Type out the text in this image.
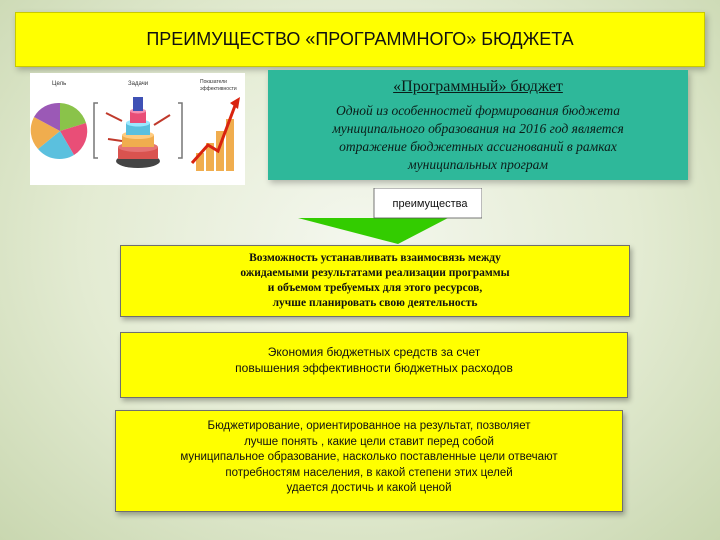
ПРЕИМУЩЕСТВО «ПРОГРАММНОГО» БЮДЖЕТА
Цель	Задачи	Показатели эффективности	«Программный» бюджет
Одной из особенностей формирования бюджета
муниципального образования на 2016 год является
отражение бюджетных ассигнований в рамках
муниципальных програм
преимущества
Возможность устанавливать взаимосвязь между
ожидаемыми результатами реализации программы
и объемом требуемых для этого ресурсов,
лучше планировать свою деятельность
Экономия бюджетных средств за счет
повышения эффективности бюджетных расходов
Бюджетирование, ориентированное на результат, позволяет
лучше понять , какие цели ставит перед собой
муниципальное образование, насколько поставленные цели отвечают
потребностям населения, в какой степени этих целей
удается достичь и какой ценой
